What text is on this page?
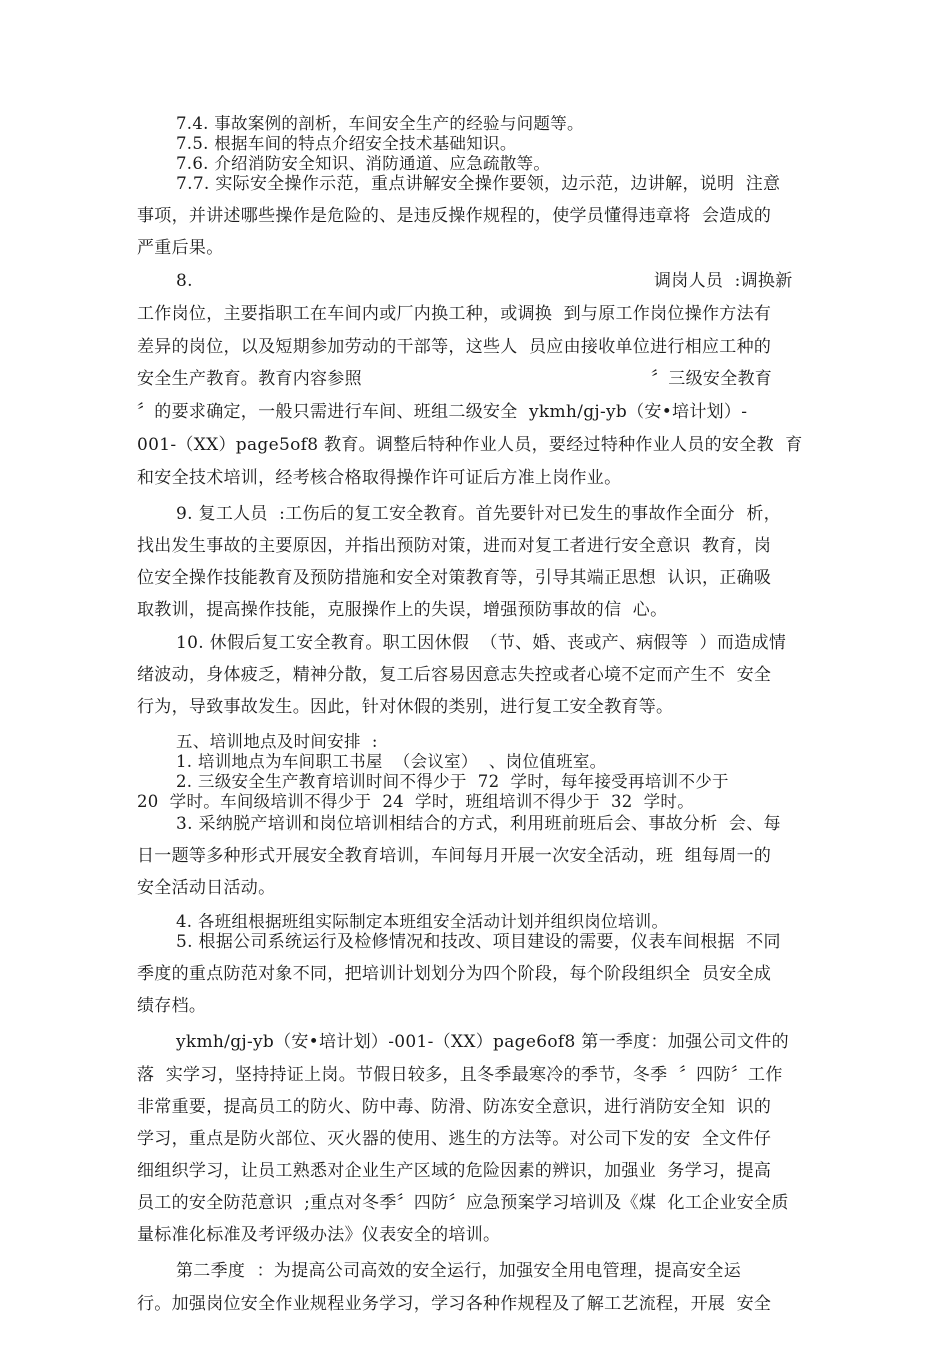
7.4. 事故案例的剖析，车间安全生产的经验与问题等。
7.5. 根据车间的特点介绍安全技术基础知识。
7.6. 介绍消防安全知识、消防通道、应急疏散等。
7.7. 实际安全操作示范，重点讲解安全操作要领，边示范，边讲解，说明  注意
事项，并讲述哪些操作是危险的、是违反操作规程的，使学员懂得违章将  会造成的
严重后果。
8.	调岗人员  :调换新
工作岗位，主要指职工在车间内或厂内换工种，或调换  到与原工作岗位操作方法有
差异的岗位，以及短期参加劳动的干部等，这些人  员应由接收单位进行相应工种的
安全生产教育。教育内容参照	〞三级安全教育
〞的要求确定，一般只需进行车间、班组二级安全  ykmh/gj-yb（安•培计划）-
001-（XX）page5of8 教育。调整后特种作业人员，要经过特种作业人员的安全教  育
和安全技术培训，经考核合格取得操作许可证后方准上岗作业。
9. 复工人员  :工伤后的复工安全教育。首先要针对已发生的事故作全面分  析，
找出发生事故的主要原因，并指出预防对策，进而对复工者进行安全意识  教育，岗
位安全操作技能教育及预防措施和安全对策教育等，引导其端正思想  认识，正确吸
取教训，提高操作技能，克服操作上的失误，增强预防事故的信  心。
10. 休假后复工安全教育。职工因休假  （节、婚、丧或产、病假等  ）而造成情
绪波动，身体疲乏，精神分散，复工后容易因意志失控或者心境不定而产生不  安全
行为，导致事故发生。因此，针对休假的类别，进行复工安全教育等。
五、培训地点及时间安排  :
1. 培训地点为车间职工书屋  （会议室）  、岗位值班室。
2. 三级安全生产教育培训时间不得少于  72  学时，每年接受再培训不少于
20  学时。车间级培训不得少于  24  学时，班组培训不得少于  32  学时。
3. 采纳脱产培训和岗位培训相结合的方式，利用班前班后会、事故分析  会、每
日一题等多种形式开展安全教育培训，车间每月开展一次安全活动，班  组每周一的
安全活动日活动。
4. 各班组根据班组实际制定本班组安全活动计划并组织岗位培训。
5. 根据公司系统运行及检修情况和技改、项目建设的需要，仪表车间根据  不同
季度的重点防范对象不同，把培训计划划分为四个阶段，每个阶段组织全  员安全成
绩存档。
ykmh/gj-yb（安•培计划）-001-（XX）page6of8 第一季度：加强公司文件的
落  实学习，坚持持证上岗。节假日较多，且冬季最寒冷的季节，冬季  〞四防〞工作
非常重要，提高员工的防火、防中毒、防滑、防冻安全意识，进行消防安全知  识的
学习，重点是防火部位、灭火器的使用、逃生的方法等。对公司下发的安  全文件仔
细组织学习，让员工熟悉对企业生产区域的危险因素的辨识，加强业  务学习，提高
员工的安全防范意识  ;重点对冬季〞四防〞应急预案学习培训及《煤  化工企业安全质
量标准化标准及考评级办法》仪表安全的培训。
第二季度  ：为提高公司高效的安全运行，加强安全用电管理，提高安全运
行。加强岗位安全作业规程业务学习，学习各种作规程及了解工艺流程，开展  安全
